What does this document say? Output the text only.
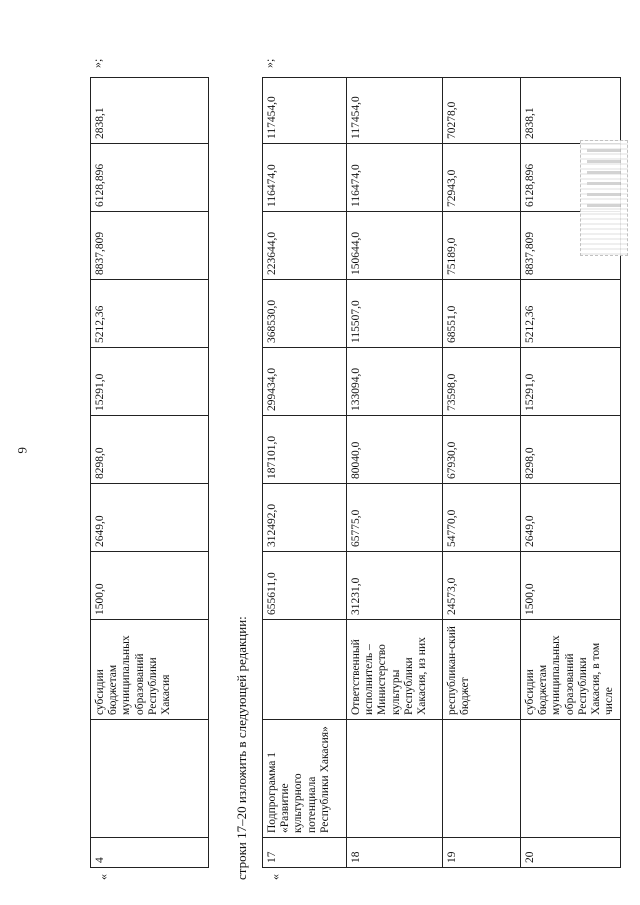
6
«
4		субсидии бюджетам муниципальных образований Республики Хакасия	1500,0	2649,0	8298,0	15291,0	5212,36	8837,809	6128,896	2838,1
»;
строки 17–20 изложить в следующей редакции: «
17	Подпрограмма 1 «Развитие культурного потенциала Республики Хакасия»		655611,0	312492,0	187101,0	299434,0	368530,0	223644,0	116474,0	117454,0
18		Ответственный исполнитель – Министерство культуры Республики Хакасия, из них	31231,0	65775,0	80040,0	133094,0	115507,0	150644,0	116474,0	117454,0
19		республикан-ский бюджет	24573,0	54770,0	67930,0	73598,0	68551,0	75189,0	72943,0	70278,0
20		субсидии бюджетам муниципальных образований Республики Хакасия, в том числе	1500,0	2649,0	8298,0	15291,0	5212,36	8837,809	6128,896	2838,1
»;
